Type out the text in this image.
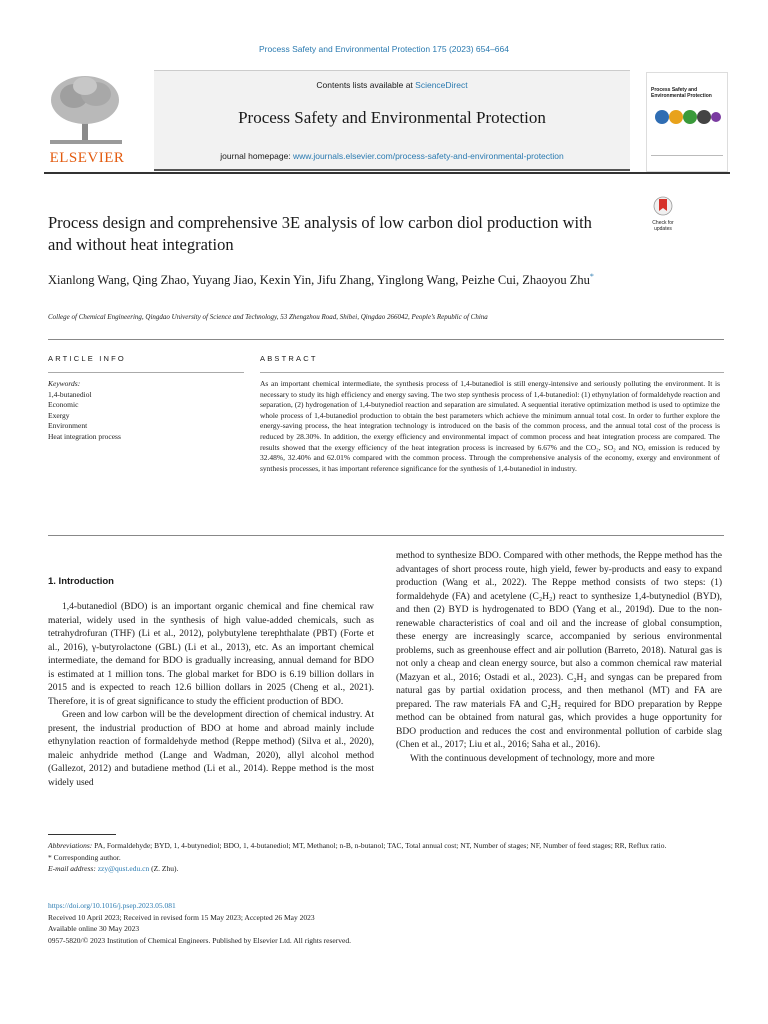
Process Safety and Environmental Protection 175 (2023) 654–664
ELSEVIER
Contents lists available at ScienceDirect
Process Safety and Environmental Protection
journal homepage: www.journals.elsevier.com/process-safety-and-environmental-protection
Process Safety and Environmental Protection
Process design and comprehensive 3E analysis of low carbon diol production with and without heat integration
Check for updates
Xianlong Wang, Qing Zhao, Yuyang Jiao, Kexin Yin, Jifu Zhang, Yinglong Wang, Peizhe Cui, Zhaoyou Zhu*
College of Chemical Engineering, Qingdao University of Science and Technology, 53 Zhengzhou Road, Shibei, Qingdao 266042, People’s Republic of China
ARTICLE INFO	ABSTRACT
Keywords:
1,4-butanediol
Economic
Exergy
Environment
Heat integration process
As an important chemical intermediate, the synthesis process of 1,4-butanediol is still energy-intensive and seriously polluting the environment. It is necessary to study its high efficiency and energy saving. The two step synthesis process of 1,4-butanediol: (1) ethynylation of formaldehyde reaction and separation, (2) hydrogenation of 1,4-butynediol reaction and separation are simulated. A sequential iterative optimization method is used to optimize the whole process of 1,4-butanediol production to obtain the best parameters which achieve the minimum annual total cost. In order to further explore the energy-saving process, the heat integration technology is introduced on the basis of the common process, and the annual total cost of the process is reduced by 28.30%. In addition, the exergy efficiency and environmental impact of common process and heat integration process are compared. The results showed that the exergy efficiency of the heat integration process is increased by 6.67% and the CO₂, SO₂ and NOₓ emission is reduced by 32.48%, 32.40% and 62.01% compared with the common process. Through the comprehensive analysis of the economy, exergy and environment of synthesis processes, it has important reference significance for the synthesis of 1,4-butanediol in industry.
1. Introduction

1,4-butanediol (BDO) is an important organic chemical and fine chemical raw material, widely used in the synthesis of high value-added chemicals, such as tetrahydrofuran (THF) (Li et al., 2012), polybutylene terephthalate (PBT) (Forte et al., 2016), γ-butyrolactone (GBL) (Li et al., 2013), etc. As an important chemical intermediate, the demand for BDO is gradually increasing, annual demand for BDO is estimated at 1 million tons. The global market for BDO is 6.19 billion dollars in 2015 and is expected to reach 12.6 billion dollars in 2025 (Cheng et al., 2021). Therefore, it is of great significance to study the efficient production of BDO.

Green and low carbon will be the development direction of chemical industry. At present, the industrial production of BDO at home and abroad mainly include ethynylation reaction of formaldehyde method (Reppe method) (Silva et al., 2020), maleic anhydride method (Lange and Wadman, 2020), allyl alcohol method (Gallezot, 2012) and butadiene method (Li et al., 2014). Reppe method is the most widely used

method to synthesize BDO. Compared with other methods, the Reppe method has the advantages of short process route, high yield, fewer by-products and easy to expand production (Wang et al., 2022). The Reppe method consists of two steps: (1) formaldehyde (FA) and acetylene (C₂H₂) react to synthesize 1,4-butynediol (BYD), and then (2) BYD is hydrogenated to BDO (Yang et al., 2019d). Due to the non-renewable characteristics of coal and oil and the increase of global consumption, these energy are increasingly scarce, accompanied by serious environmental problems, such as greenhouse effect and air pollution (Barreto, 2018). Natural gas is not only a cheap and clean energy source, but also a common chemical raw material (Mazyan et al., 2016; Ostadi et al., 2023). C₂H₂ and syngas can be prepared from natural gas by partial oxidation process, and then methanol (MT) and FA are prepared. The raw materials FA and C₂H₂ required for BDO preparation by Reppe method can be obtained from natural gas, which provides a huge opportunity for BDO production and reduces the cost and environmental pollution of carbide slag (Chen et al., 2017; Liu et al., 2016; Saha et al., 2016).

With the continuous development of technology, more and more

Abbreviations: PA, Formaldehyde; BYD, 1, 4-butynediol; BDO, 1, 4-butanediol; MT, Methanol; n-B, n-butanol; TAC, Total annual cost; NT, Number of stages; NF, Number of feed stages; RR, Reflux ratio.
* Corresponding author.
E-mail address: zzy@qust.edu.cn (Z. Zhu).
https://doi.org/10.1016/j.psep.2023.05.081
Received 10 April 2023; Received in revised form 15 May 2023; Accepted 26 May 2023
Available online 30 May 2023
0957-5820/© 2023 Institution of Chemical Engineers. Published by Elsevier Ltd. All rights reserved.
